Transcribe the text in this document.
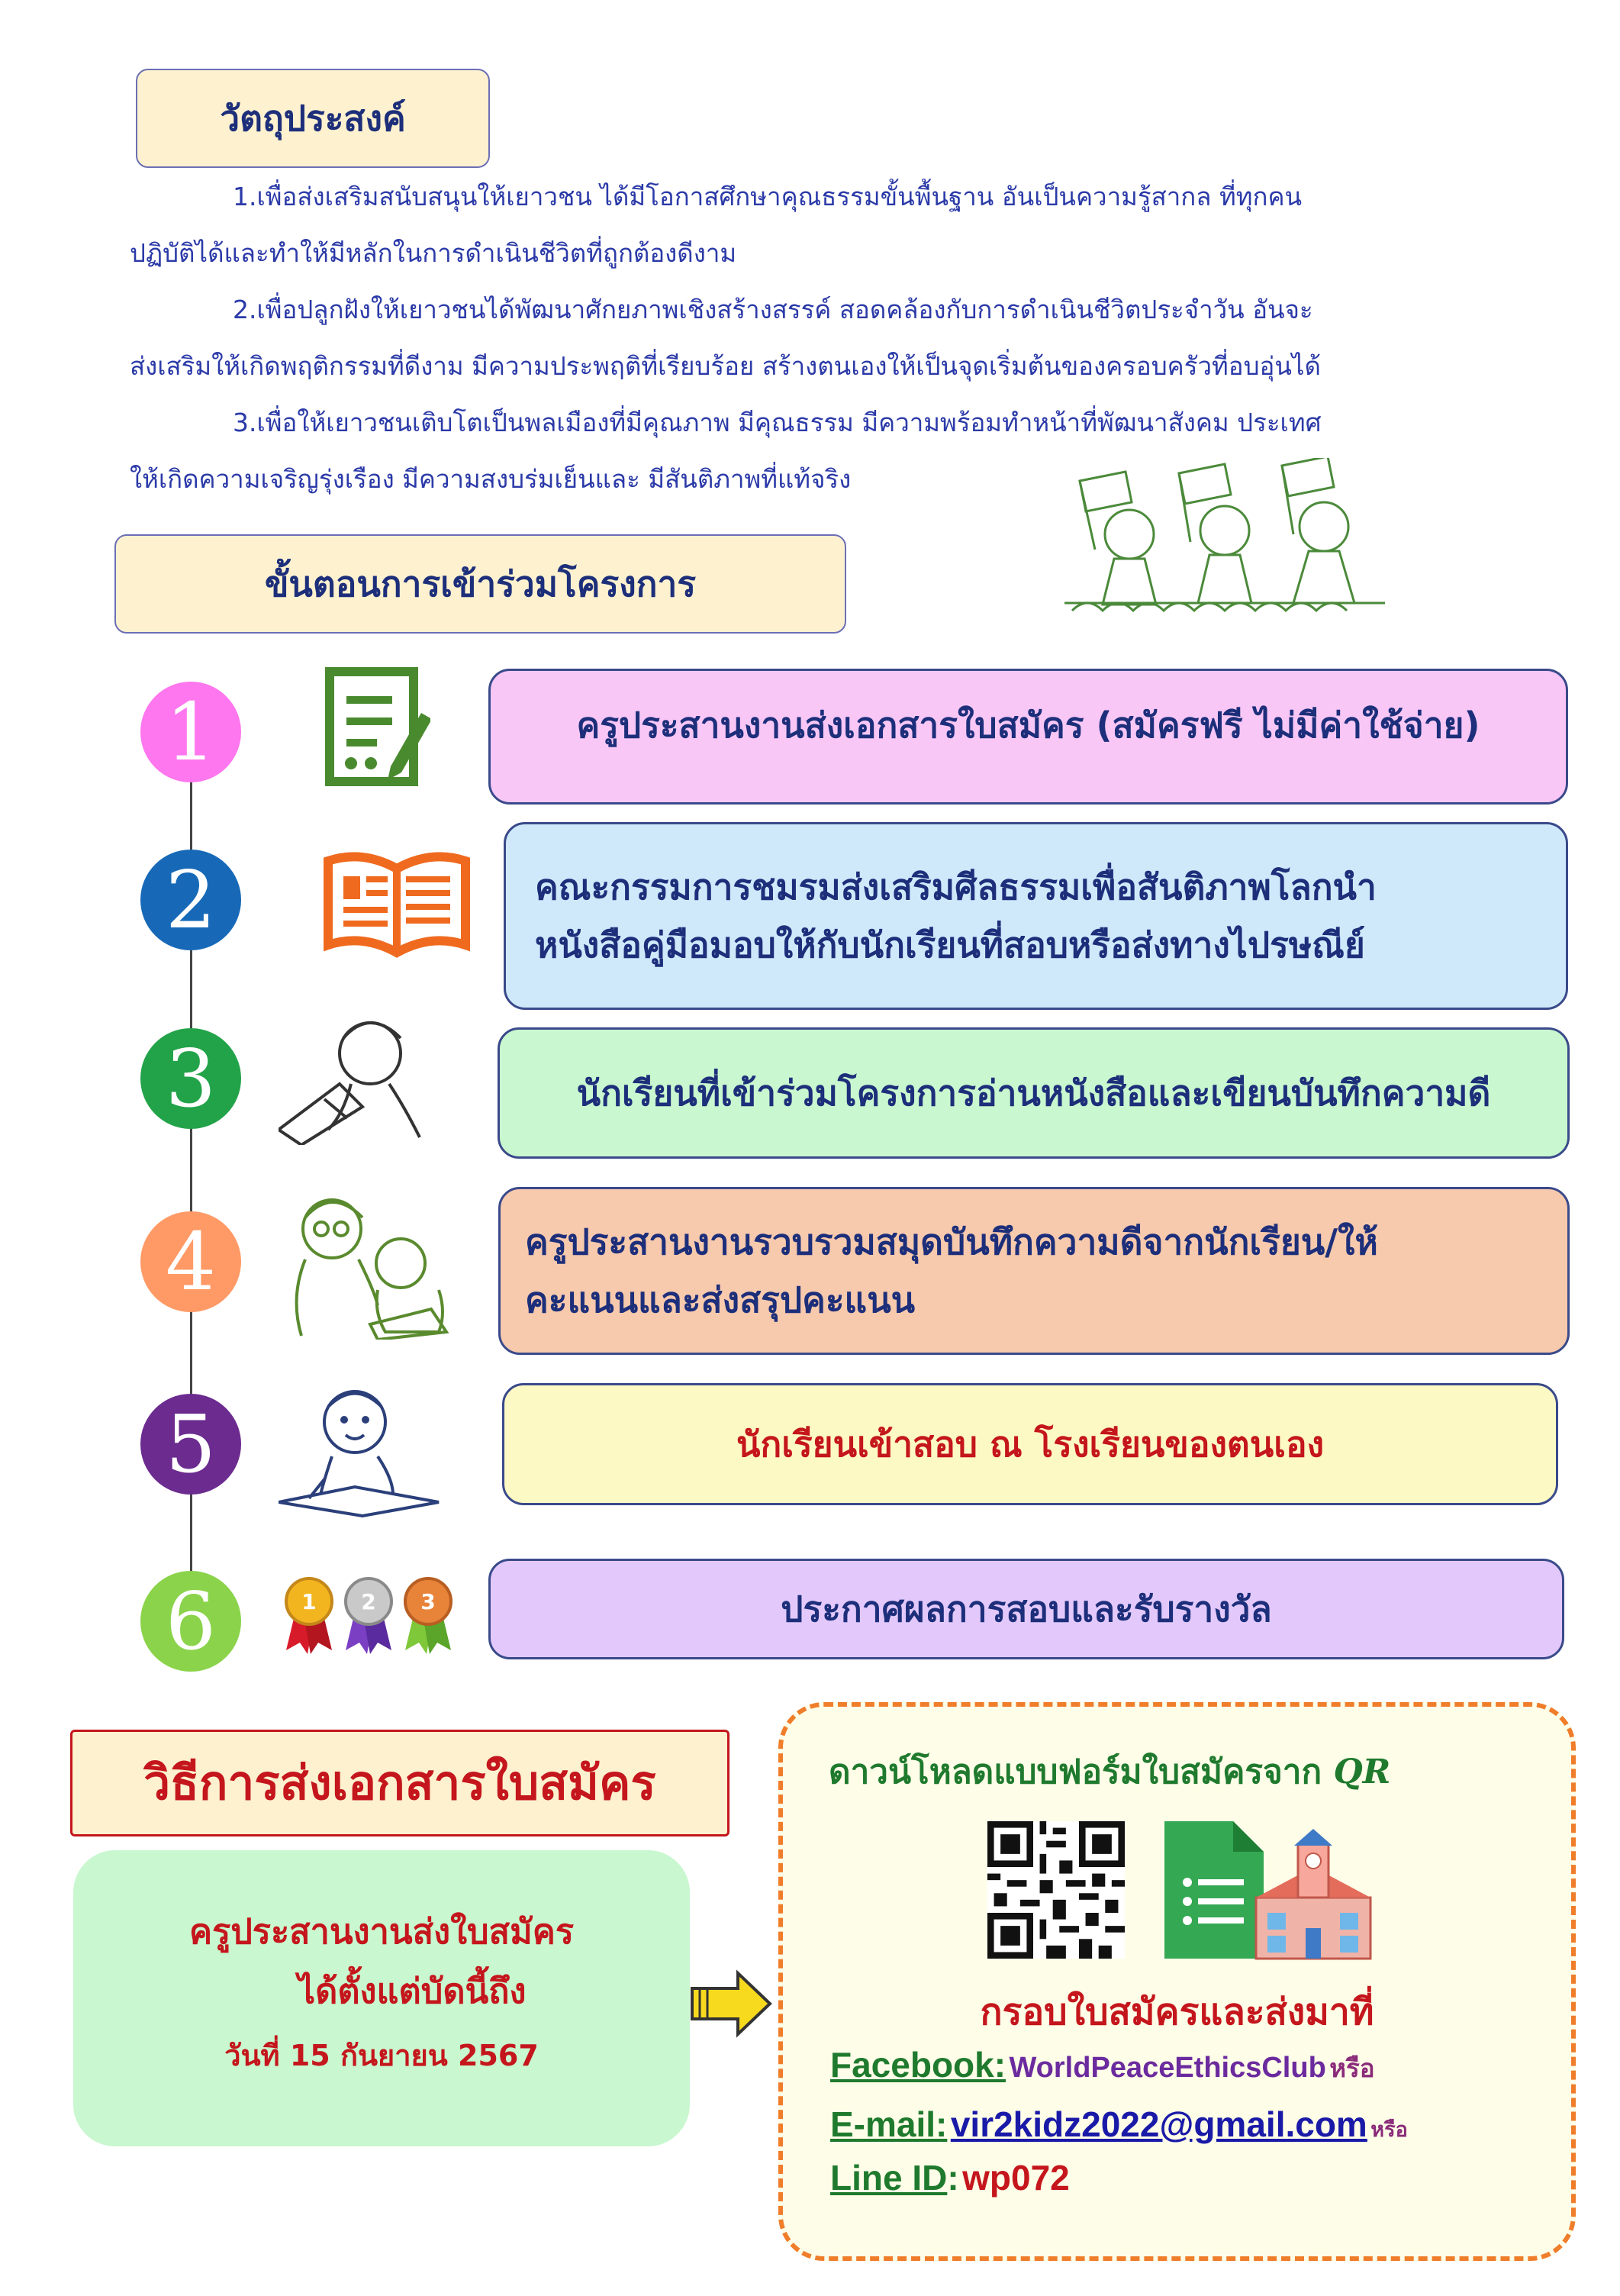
วัตถุประสงค์
1.เพื่อส่งเสริมสนับสนุนให้เยาวชน ได้มีโอกาสศึกษาคุณธรรมขั้นพื้นฐาน อันเป็นความรู้สากล ที่ทุกคน
ปฏิบัติได้และทำให้มีหลักในการดำเนินชีวิตที่ถูกต้องดีงาม
2.เพื่อปลูกฝังให้เยาวชนได้พัฒนาศักยภาพเชิงสร้างสรรค์ สอดคล้องกับการดำเนินชีวิตประจำวัน อันจะ
ส่งเสริมให้เกิดพฤติกรรมที่ดีงาม มีความประพฤติที่เรียบร้อย สร้างตนเองให้เป็นจุดเริ่มต้นของครอบครัวที่อบอุ่นได้
3.เพื่อให้เยาวชนเติบโตเป็นพลเมืองที่มีคุณภาพ มีคุณธรรม มีความพร้อมทำหน้าที่พัฒนาสังคม ประเทศ
ให้เกิดความเจริญรุ่งเรือง มีความสงบร่มเย็นและ มีสันติภาพที่แท้จริง
ขั้นตอนการเข้าร่วมโครงการ
1	ครูประสานงานส่งเอกสารใบสมัคร (สมัครฟรี ไม่มีค่าใช้จ่าย)
2	คณะกรรมการชมรมส่งเสริมศีลธรรมเพื่อสันติภาพโลกนำ
หนังสือคู่มือมอบให้กับนักเรียนที่สอบหรือส่งทางไปรษณีย์
3	นักเรียนที่เข้าร่วมโครงการอ่านหนังสือและเขียนบันทึกความดี
4	ครูประสานงานรวบรวมสมุดบันทึกความดีจากนักเรียน/ให้
คะแนนและส่งสรุปคะแนน
5	นักเรียนเข้าสอบ ณ โรงเรียนของตนเอง
6	1 2 3	ประกาศผลการสอบและรับรางวัล
วิธีการส่งเอกสารใบสมัคร
ครูประสานงานส่งใบสมัคร
ได้ตั้งแต่บัดนี้ถึง
วันที่ 15 กันยายน 2567
ดาวน์โหลดแบบฟอร์มใบสมัครจาก QR
กรอบใบสมัครและส่งมาที่
Facebook: WorldPeaceEthicsClub หรือ
E-mail: vir2kidz2022@gmail.com หรือ
Line ID: wp072
